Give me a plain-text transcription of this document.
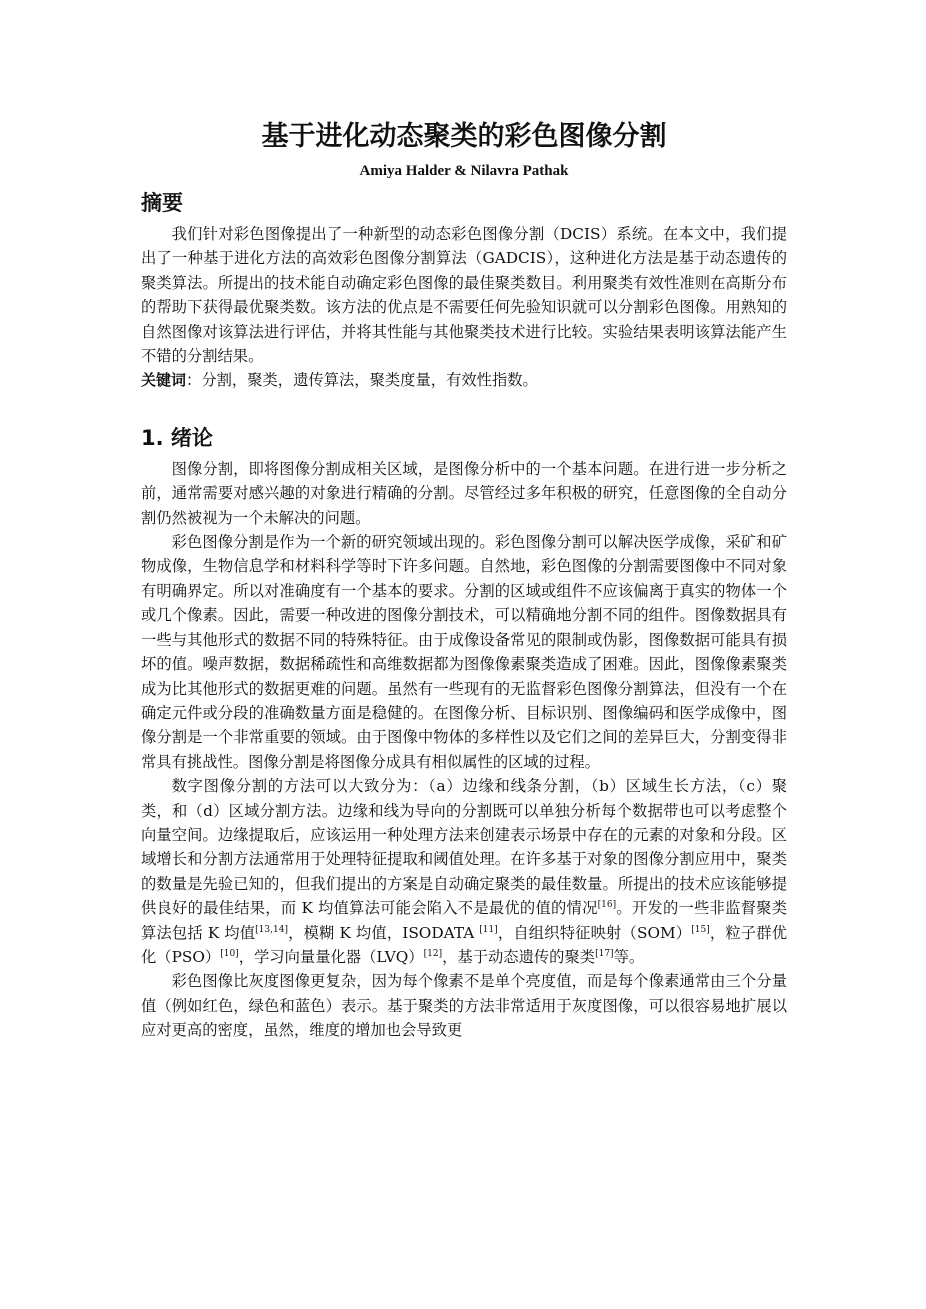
基于进化动态聚类的彩色图像分割
Amiya Halder & Nilavra Pathak
摘要

我们针对彩色图像提出了一种新型的动态彩色图像分割（DCIS）系统。在本文中，我们提出了一种基于进化方法的高效彩色图像分割算法（GADCIS），这种进化方法是基于动态遗传的聚类算法。所提出的技术能自动确定彩色图像的最佳聚类数目。利用聚类有效性准则在高斯分布的帮助下获得最优聚类数。该方法的优点是不需要任何先验知识就可以分割彩色图像。用熟知的自然图像对该算法进行评估，并将其性能与其他聚类技术进行比较。实验结果表明该算法能产生不错的分割结果。

关键词：分割，聚类，遗传算法，聚类度量，有效性指数。

1. 绪论

图像分割，即将图像分割成相关区域，是图像分析中的一个基本问题。在进行进一步分析之前，通常需要对感兴趣的对象进行精确的分割。尽管经过多年积极的研究，任意图像的全自动分割仍然被视为一个未解决的问题。

彩色图像分割是作为一个新的研究领域出现的。彩色图像分割可以解决医学成像，采矿和矿物成像，生物信息学和材料科学等时下许多问题。自然地，彩色图像的分割需要图像中不同对象有明确界定。所以对准确度有一个基本的要求。分割的区域或组件不应该偏离于真实的物体一个或几个像素。因此，需要一种改进的图像分割技术，可以精确地分割不同的组件。图像数据具有一些与其他形式的数据不同的特殊特征。由于成像设备常见的限制或伪影，图像数据可能具有损坏的值。噪声数据，数据稀疏性和高维数据都为图像像素聚类造成了困难。因此，图像像素聚类成为比其他形式的数据更难的问题。虽然有一些现有的无监督彩色图像分割算法，但没有一个在确定元件或分段的准确数量方面是稳健的。在图像分析、目标识别、图像编码和医学成像中，图像分割是一个非常重要的领域。由于图像中物体的多样性以及它们之间的差异巨大，分割变得非常具有挑战性。图像分割是将图像分成具有相似属性的区域的过程。

数字图像分割的方法可以大致分为：（a）边缘和线条分割，（b）区域生长方法，（c）聚类，和（d）区域分割方法。边缘和线为导向的分割既可以单独分析每个数据带也可以考虑整个向量空间。边缘提取后，应该运用一种处理方法来创建表示场景中存在的元素的对象和分段。区域增长和分割方法通常用于处理特征提取和阈值处理。在许多基于对象的图像分割应用中，聚类的数量是先验已知的，但我们提出的方案是自动确定聚类的最佳数量。所提出的技术应该能够提供良好的最佳结果，而 K 均值算法可能会陷入不是最优的值的情况[16]。开发的一些非监督聚类算法包括 K 均值[13,14]，模糊 K 均值，ISODATA [11]，自组织特征映射（SOM）[15]，粒子群优化（PSO）[10]，学习向量量化器（LVQ）[12]，基于动态遗传的聚类[17]等。

彩色图像比灰度图像更复杂，因为每个像素不是单个亮度值，而是每个像素通常由三个分量值（例如红色，绿色和蓝色）表示。基于聚类的方法非常适用于灰度图像，可以很容易地扩展以应对更高的密度，虽然，维度的增加也会导致更
